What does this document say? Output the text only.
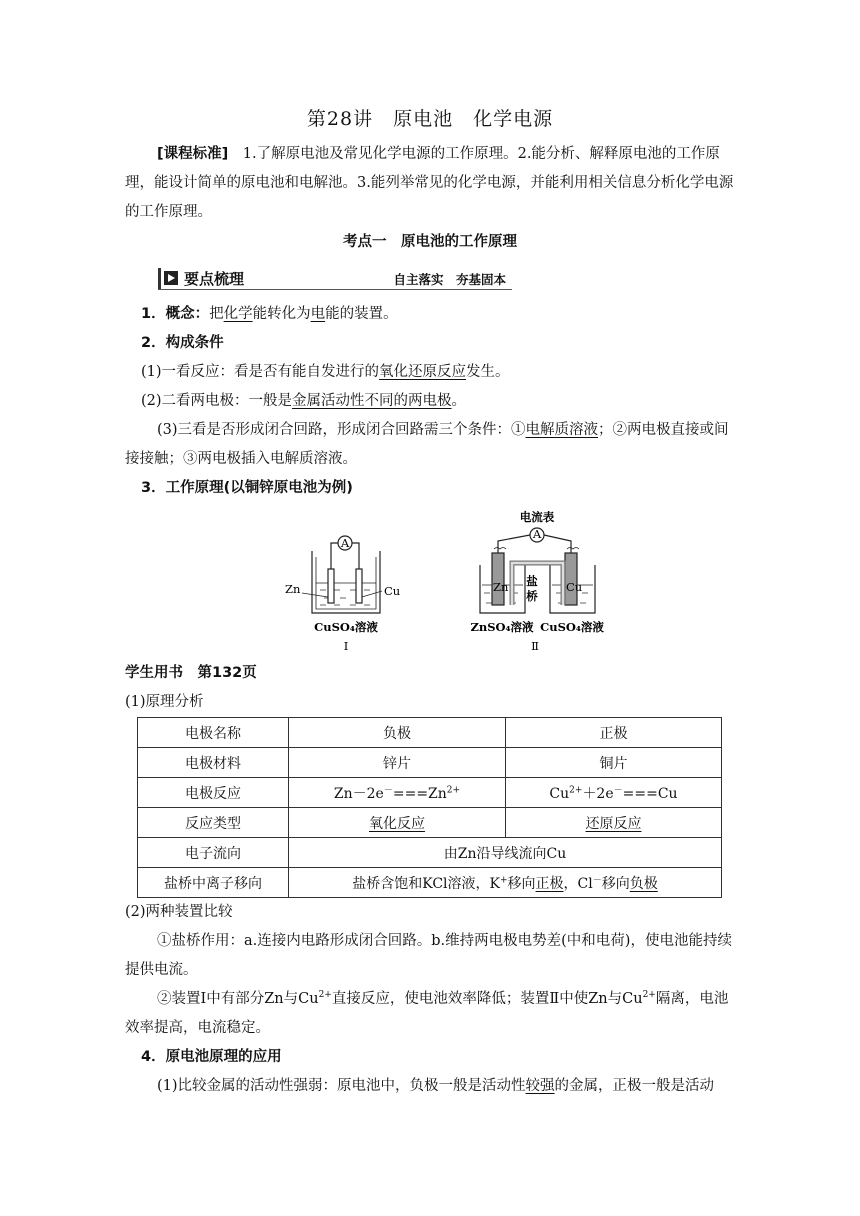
第28讲　原电池　化学电源

[课程标准]　 1.了解原电池及常见化学电源的工作原理。2.能分析、解释原电池的工作原理，能设计简单的原电池和电解池。3.能列举常见的化学电源，并能利用相关信息分析化学电源的工作原理。

考点一　原电池的工作原理
要点梳理	自主落实　夯基固本

1．概念：把化学能转化为电能的装置。

2．构成条件

(1)一看反应：看是否有能自发进行的氧化还原反应发生。

(2)二看两电极：一般是金属活动性不同的两电极。

(3)三看是否形成闭合回路，形成闭合回路需三个条件：①电解质溶液；②两电极直接或间接接触；③两电极插入电解质溶液。

3．工作原理(以铜锌原电池为例)

A
Zn	Cu
CuSO₄溶液
Ⅰ
A
电流表
Zn	Cu
盐
桥
ZnSO₄溶液 CuSO₄溶液
Ⅱ

学生用书　第132页

(1)原理分析

电极名称	负极	正极
电极材料	锌片	铜片
电极反应	$Zn-2e^-===Zn^{2+}$	$Cu^{2+}+2e^-===Cu$
反应类型	氧化反应	还原反应
电子流向	由Zn沿导线流向Cu	
盐桥中离子移向	盐桥含饱和KCl溶液，K+移向正极，Cl－移向负极	

(2)两种装置比较

①盐桥作用：a.连接内电路形成闭合回路。b.维持两电极电势差(中和电荷)，使电池能持续提供电流。

②装置Ⅰ中有部分Zn与$Cu^{2+}$直接反应，使电池效率降低；装置Ⅱ中使Zn与$Cu^{2+}$隔离，电池效率提高，电流稳定。

4．原电池原理的应用

(1)比较金属的活动性强弱：原电池中，负极一般是活动性较强的金属，正极一般是活动
